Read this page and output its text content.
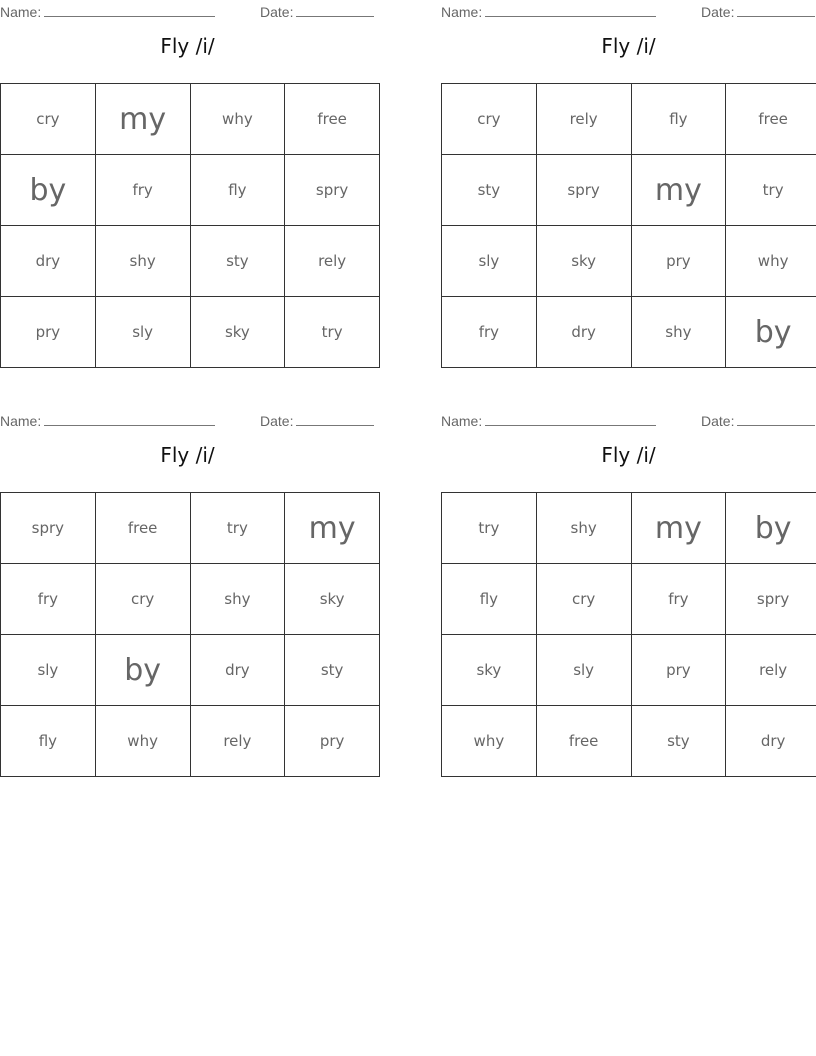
Name:	Date:
Fly /i/
cry	my	why	free
by	fry	fly	spry
dry	shy	sty	rely
pry	sly	sky	try
Name:	Date:
Fly /i/
cry	rely	fly	free
sty	spry	my	try
sly	sky	pry	why
fry	dry	shy	by
Name:	Date:
Fly /i/
spry	free	try	my
fry	cry	shy	sky
sly	by	dry	sty
fly	why	rely	pry
Name:	Date:
Fly /i/
try	shy	my	by
fly	cry	fry	spry
sky	sly	pry	rely
why	free	sty	dry
